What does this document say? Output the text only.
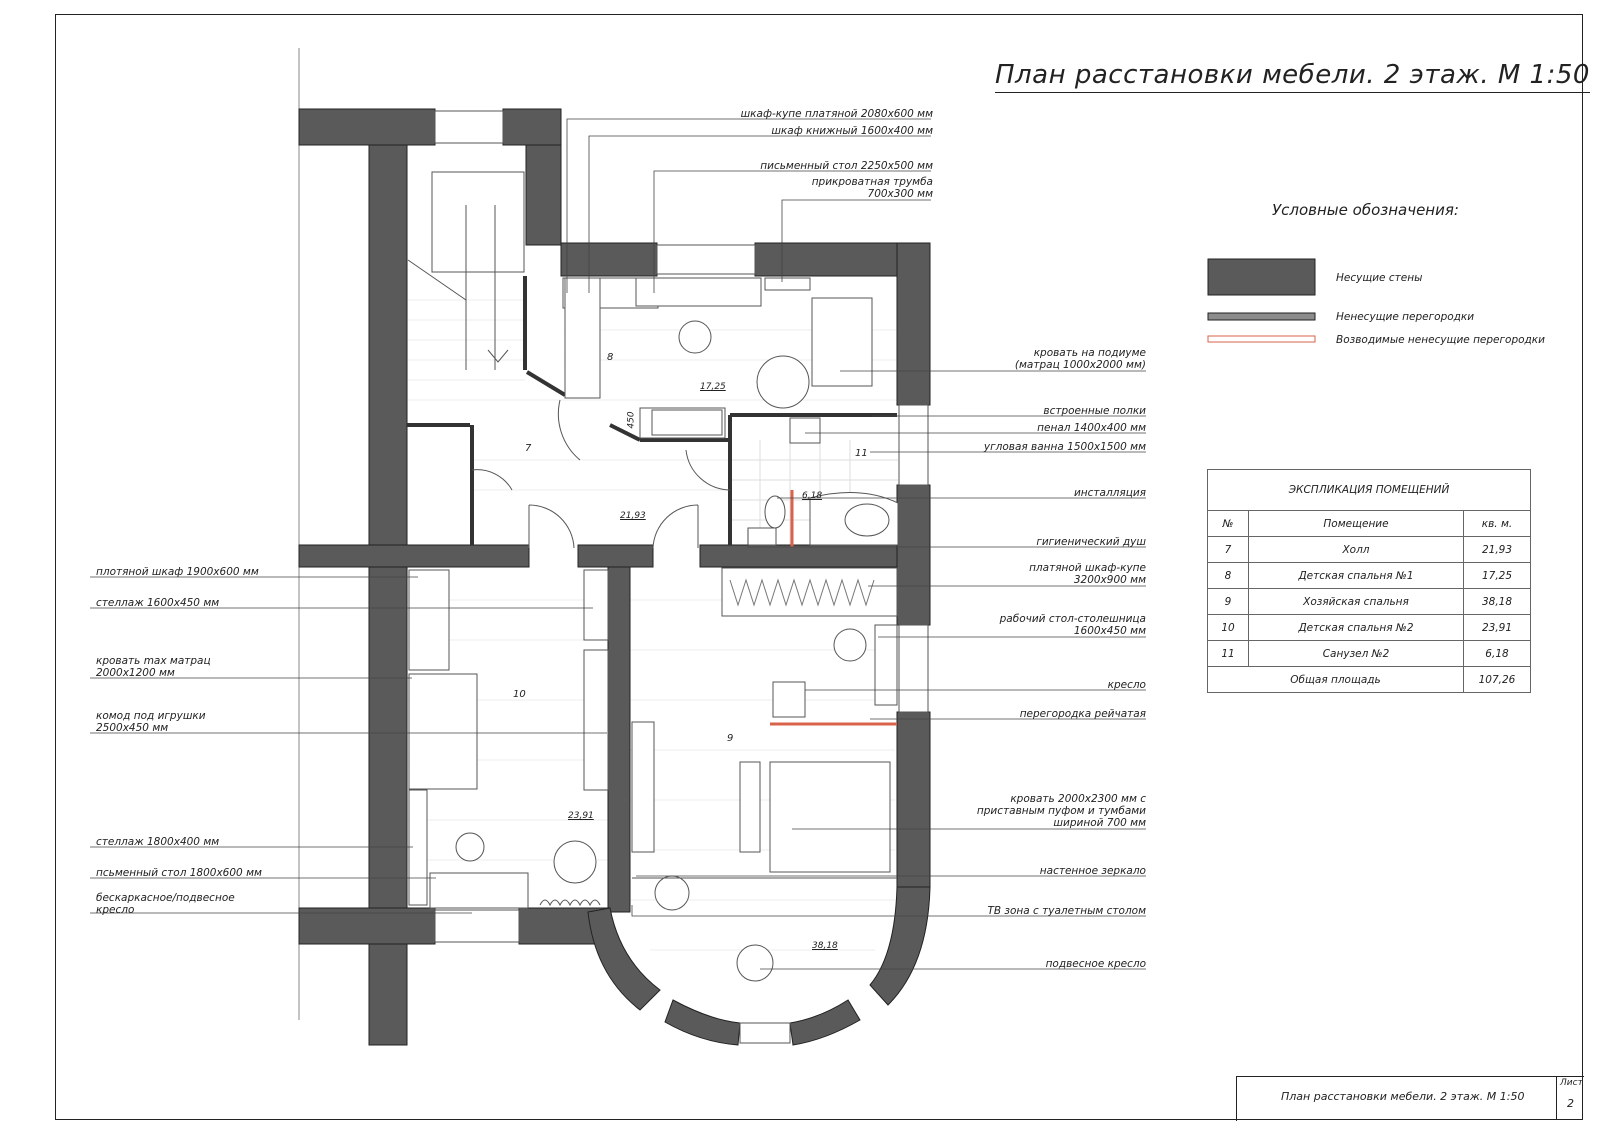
План расстановки мебели. 2 этаж. М 1:50
Условные обозначения:
Несущие стены
Ненесущие перегородки
Возводимые ненесущие перегородки
шкаф-купе платяной 2080х600 мм
шкаф книжный 1600х400 мм
письменный стол 2250х500 мм
прикроватная трумба
700х300 мм
кровать на подиуме
(матрац 1000х2000 мм)
встроенные полки
пенал 1400х400 мм
угловая ванна 1500х1500 мм
инсталляция
гигиенический душ
платяной шкаф-купе
3200х900 мм
рабочий стол-столешница
1600х450 мм
кресло
перегородка рейчатая
кровать 2000х2300 мм с
приставным пуфом и тумбами
шириной 700 мм
настенное зеркало
ТВ зона с туалетным столом
подвесное кресло
плотяной шкаф 1900х600 мм
стеллаж 1600х450 мм
кровать max матрац
2000х1200 мм
комод под игрушки
2500х450 мм
стеллаж 1800х400 мм
псьменный стол 1800х600 мм
бескаркасное/подвесное
кресло
7
21,93
8
17,25
9
38,18
10
23,91
11
6,18
450
ЭКСПЛИКАЦИЯ ПОМЕЩЕНИЙ		
№	Помещение	кв. м.
7	Холл	21,93
8	Детская спальня №1	17,25
9	Хозяйская спальня	38,18
10	Детская спальня №2	23,91
11	Санузел №2	6,18
Общая площадь		107,26
План расстановки мебели. 2 этаж. М 1:50
Лист
2
